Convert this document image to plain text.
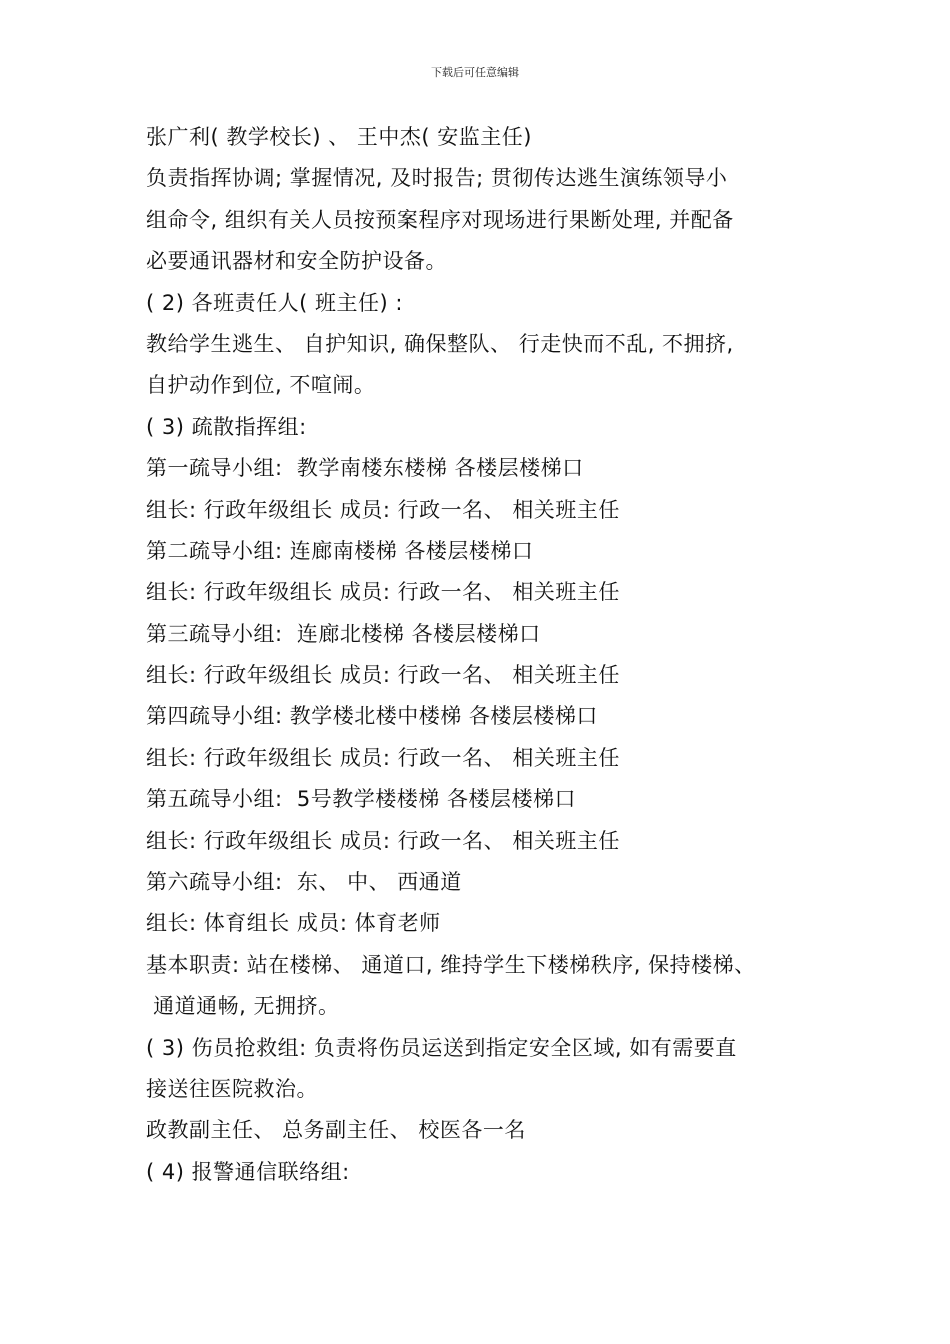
下载后可任意编辑
张广利( 教学校长) 、 王中杰( 安监主任)
负责指挥协调; 掌握情况, 及时报告; 贯彻传达逃生演练领导小
组命令, 组织有关人员按预案程序对现场进行果断处理, 并配备
必要通讯器材和安全防护设备。
( 2) 各班责任人( 班主任) :
教给学生逃生、 自护知识, 确保整队、 行走快而不乱, 不拥挤,
自护动作到位, 不喧闹。
( 3) 疏散指挥组:
第一疏导小组:  教学南楼东楼梯 各楼层楼梯口
组长: 行政年级组长 成员: 行政一名、 相关班主任
第二疏导小组: 连廊南楼梯 各楼层楼梯口
组长: 行政年级组长 成员: 行政一名、 相关班主任
第三疏导小组:  连廊北楼梯 各楼层楼梯口
组长: 行政年级组长 成员: 行政一名、 相关班主任
第四疏导小组: 教学楼北楼中楼梯 各楼层楼梯口
组长: 行政年级组长 成员: 行政一名、 相关班主任
第五疏导小组:  5号教学楼楼梯 各楼层楼梯口
组长: 行政年级组长 成员: 行政一名、 相关班主任
第六疏导小组:  东、 中、 西通道
组长: 体育组长 成员: 体育老师
基本职责: 站在楼梯、 通道口, 维持学生下楼梯秩序, 保持楼梯、
通道通畅, 无拥挤。
( 3) 伤员抢救组: 负责将伤员运送到指定安全区域, 如有需要直
接送往医院救治。
政教副主任、 总务副主任、 校医各一名
( 4) 报警通信联络组:
